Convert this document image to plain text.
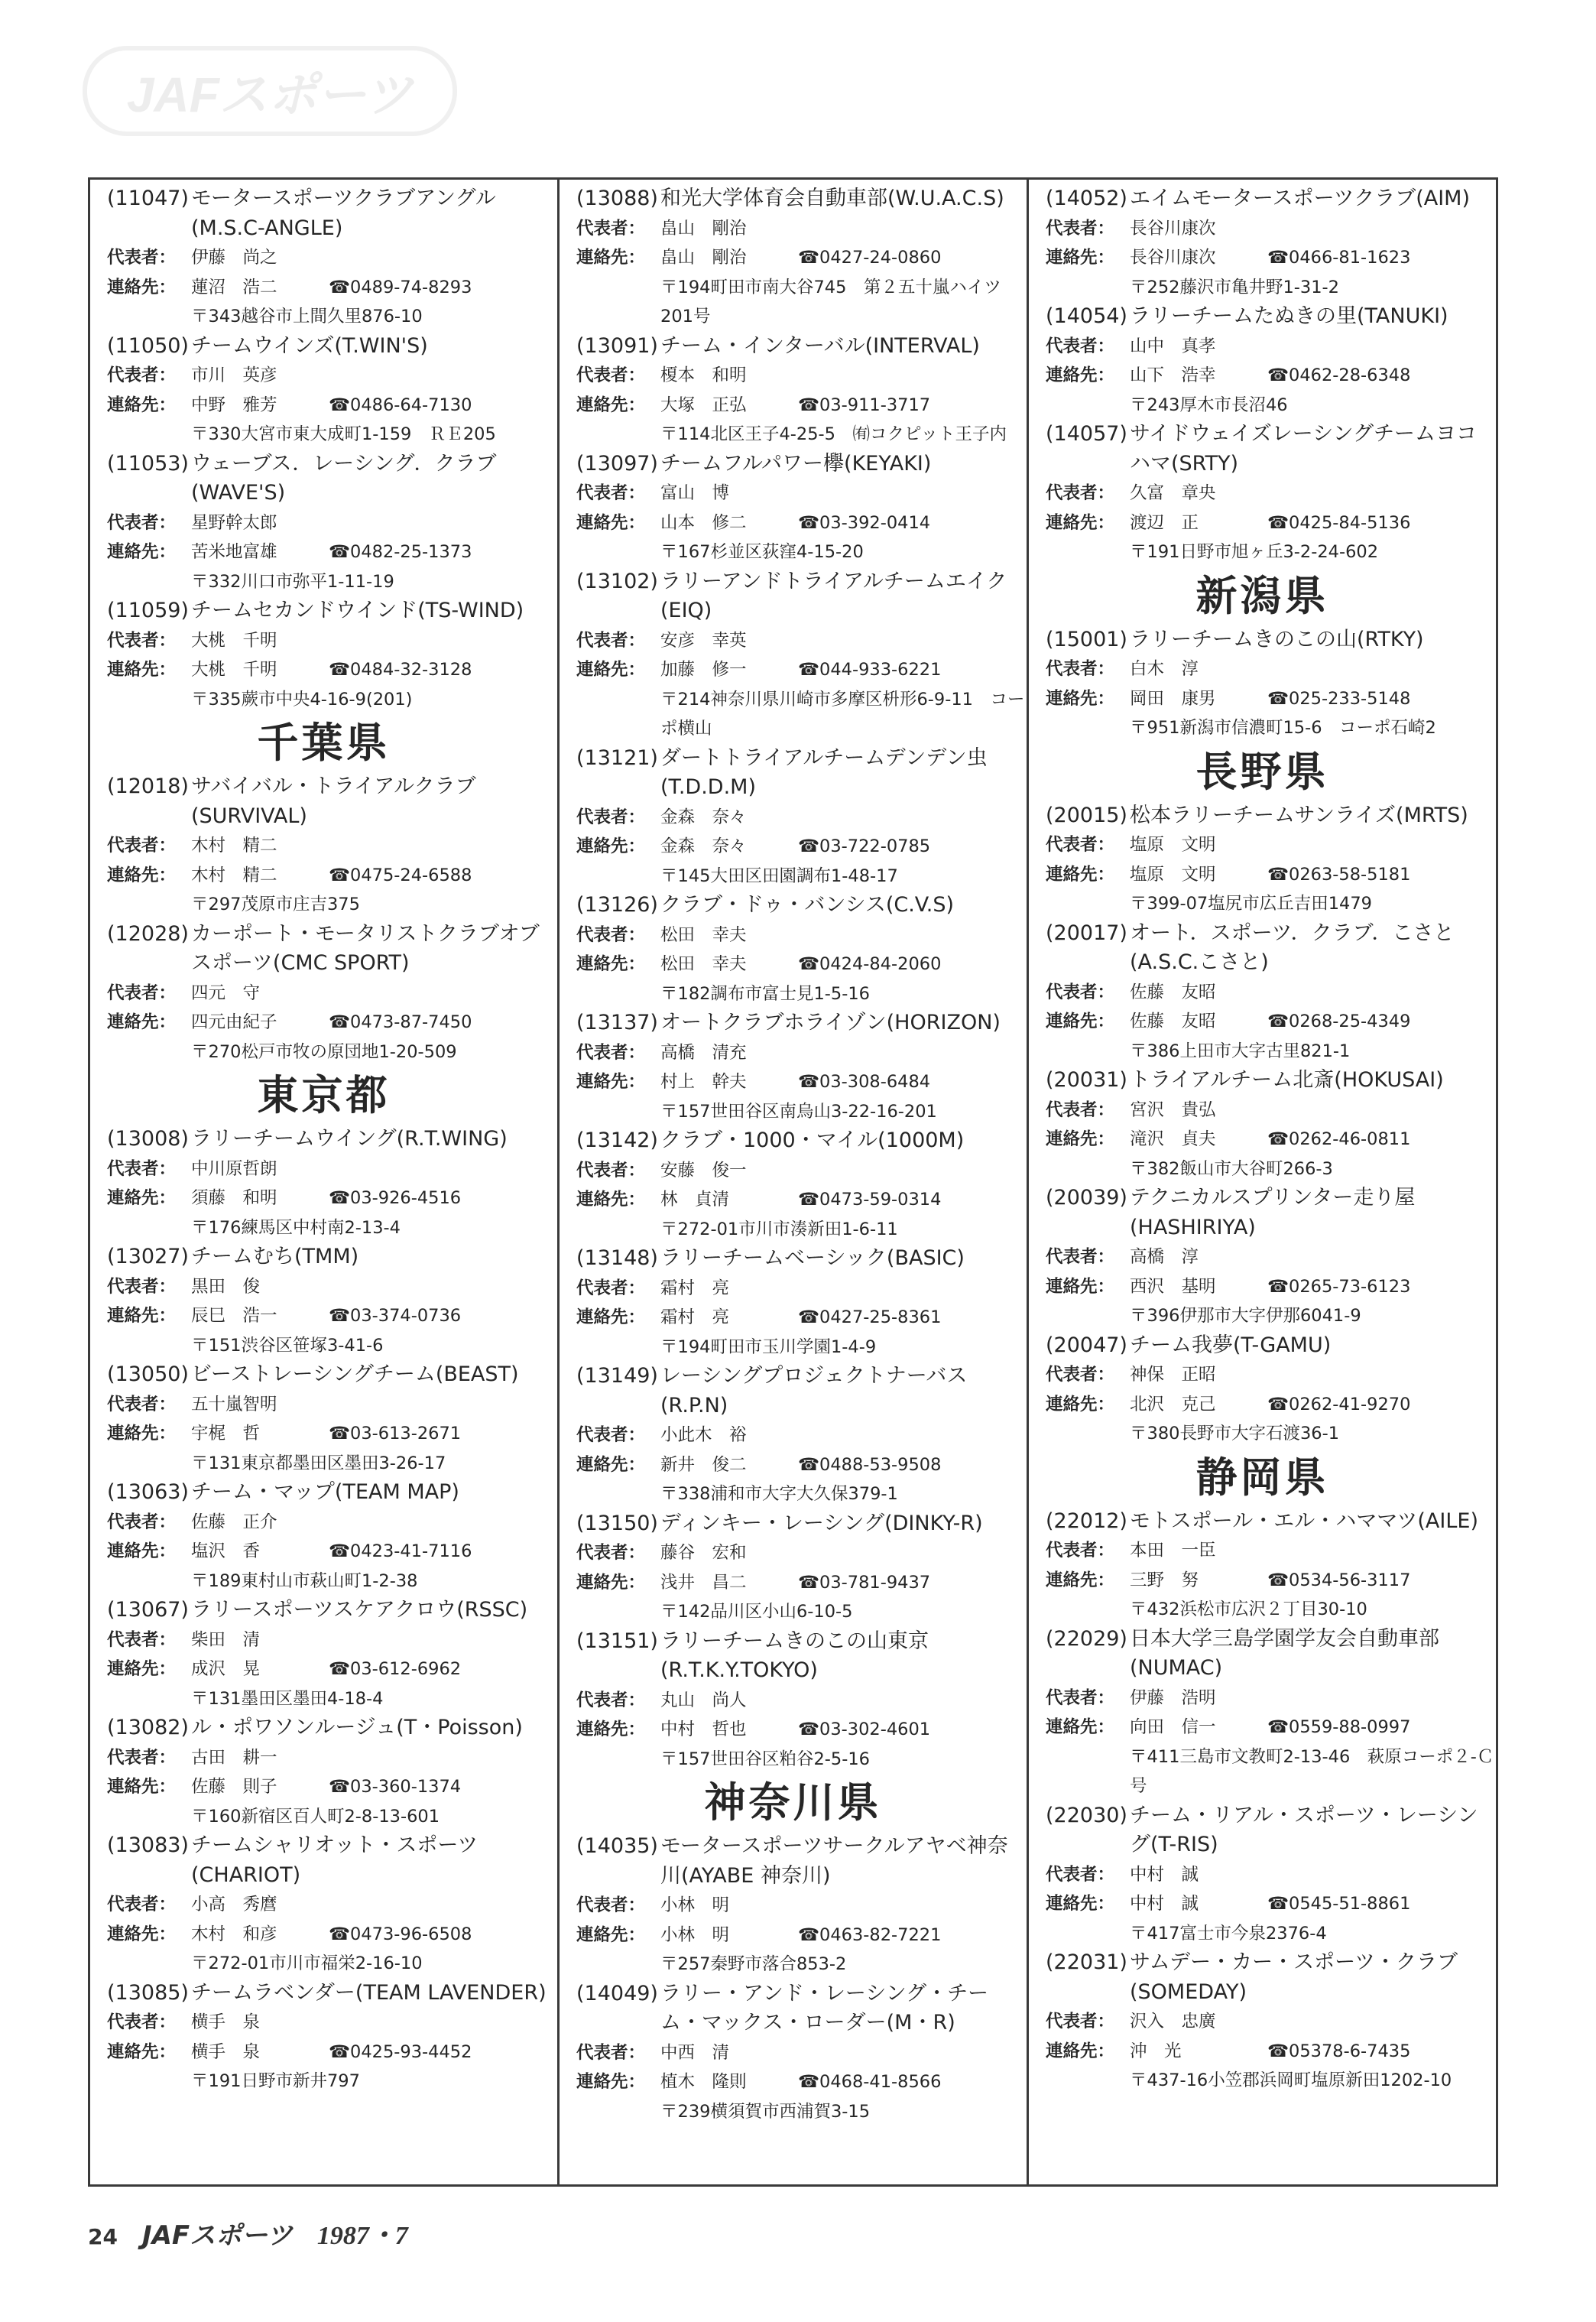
JAFスポーツ
(11047) モータースポーツクラブアングル(M.S.C-ANGLE)
代表者： 伊藤　尚之
連絡先： 蓮沼　浩二	☎0489-74-8293
〒343越谷市上間久里876-10
(11050) チームウインズ(T.WIN'S)
代表者： 市川　英彦
連絡先： 中野　雅芳	☎0486-64-7130
〒330大宮市東大成町1-159　ＲＥ205
(11053) ウェーブス．レーシング．クラブ(WAVE'S)
代表者： 星野幹太郎
連絡先： 苦米地富雄	☎0482-25-1373
〒332川口市弥平1-11-19
(11059) チームセカンドウインド(TS-WIND)
代表者： 大桃　千明
連絡先： 大桃　千明	☎0484-32-3128
〒335蕨市中央4-16-9(201)
千葉県
(12018) サバイバル・トライアルクラブ(SURVIVAL)
代表者： 木村　精二
連絡先： 木村　精二	☎0475-24-6588
〒297茂原市庄吉375
(12028) カーポート・モータリストクラブオブスポーツ(CMC SPORT)
代表者： 四元　守
連絡先： 四元由紀子	☎0473-87-7450
〒270松戸市牧の原団地1-20-509
東京都
(13008) ラリーチームウイング(R.T.WING)
代表者： 中川原哲朗
連絡先： 須藤　和明	☎03-926-4516
〒176練馬区中村南2-13-4
(13027) チームむち(TMM)
代表者： 黒田　俊
連絡先： 辰巳　浩一	☎03-374-0736
〒151渋谷区笹塚3-41-6
(13050) ビーストレーシングチーム(BEAST)
代表者： 五十嵐智明
連絡先： 宇梶　哲	☎03-613-2671
〒131東京都墨田区墨田3-26-17
(13063) チーム・マップ(TEAM MAP)
代表者： 佐藤　正介
連絡先： 塩沢　香	☎0423-41-7116
〒189東村山市萩山町1-2-38
(13067) ラリースポーツスケアクロウ(RSSC)
代表者： 柴田　清
連絡先： 成沢　晃	☎03-612-6962
〒131墨田区墨田4-18-4
(13082) ル・ポワソンルージュ(T・Poisson)
代表者： 古田　耕一
連絡先： 佐藤　則子	☎03-360-1374
〒160新宿区百人町2-8-13-601
(13083) チームシャリオット・スポーツ(CHARIOT)
代表者： 小高　秀麿
連絡先： 木村　和彦	☎0473-96-6508
〒272-01市川市福栄2-16-10
(13085) チームラベンダー(TEAM LAVENDER)
代表者： 横手　泉
連絡先： 横手　泉	☎0425-93-4452
〒191日野市新井797
(13088) 和光大学体育会自動車部(W.U.A.C.S)
代表者： 畠山　剛治
連絡先： 畠山　剛治	☎0427-24-0860
〒194町田市南大谷745　第２五十嵐ハイツ201号
(13091) チーム・インターバル(INTERVAL)
代表者： 榎本　和明
連絡先： 大塚　正弘	☎03-911-3717
〒114北区王子4-25-5　㈲コクピット王子内
(13097) チームフルパワー欅(KEYAKI)
代表者： 富山　博
連絡先： 山本　修二	☎03-392-0414
〒167杉並区荻窪4-15-20
(13102) ラリーアンドトライアルチームエイク(EIQ)
代表者： 安彦　幸英
連絡先： 加藤　修一	☎044-933-6221
〒214神奈川県川崎市多摩区枡形6-9-11　コーポ横山
(13121) ダートトライアルチームデンデン虫(T.D.D.M)
代表者： 金森　奈々
連絡先： 金森　奈々	☎03-722-0785
〒145大田区田園調布1-48-17
(13126) クラブ・ドゥ・バンシス(C.V.S)
代表者： 松田　幸夫
連絡先： 松田　幸夫	☎0424-84-2060
〒182調布市富士見1-5-16
(13137) オートクラブホライゾン(HORIZON)
代表者： 高橋　清充
連絡先： 村上　幹夫	☎03-308-6484
〒157世田谷区南烏山3-22-16-201
(13142) クラブ・1000・マイル(1000M)
代表者： 安藤　俊一
連絡先： 林　貞清	☎0473-59-0314
〒272-01市川市湊新田1-6-11
(13148) ラリーチームベーシック(BASIC)
代表者： 霜村　亮
連絡先： 霜村　亮	☎0427-25-8361
〒194町田市玉川学園1-4-9
(13149) レーシングプロジェクトナーバス(R.P.N)
代表者： 小此木　裕
連絡先： 新井　俊二	☎0488-53-9508
〒338浦和市大字大久保379-1
(13150) ディンキー・レーシング(DINKY-R)
代表者： 藤谷　宏和
連絡先： 浅井　昌二	☎03-781-9437
〒142品川区小山6-10-5
(13151) ラリーチームきのこの山東京(R.T.K.Y.TOKYO)
代表者： 丸山　尚人
連絡先： 中村　哲也	☎03-302-4601
〒157世田谷区粕谷2-5-16
神奈川県
(14035) モータースポーツサークルアヤベ神奈川(AYABE 神奈川)
代表者： 小林　明
連絡先： 小林　明	☎0463-82-7221
〒257秦野市落合853-2
(14049) ラリー・アンド・レーシング・チーム・マックス・ローダー(M・R)
代表者： 中西　清
連絡先： 植木　隆則	☎0468-41-8566
〒239横須賀市西浦賀3-15
(14052) エイムモータースポーツクラブ(AIM)
代表者： 長谷川康次
連絡先： 長谷川康次	☎0466-81-1623
〒252藤沢市亀井野1-31-2
(14054) ラリーチームたぬきの里(TANUKI)
代表者： 山中　真孝
連絡先： 山下　浩幸	☎0462-28-6348
〒243厚木市長沼46
(14057) サイドウェイズレーシングチームヨコハマ(SRTY)
代表者： 久富　章央
連絡先： 渡辺　正	☎0425-84-5136
〒191日野市旭ヶ丘3-2-24-602
新潟県
(15001) ラリーチームきのこの山(RTKY)
代表者： 白木　淳
連絡先： 岡田　康男	☎025-233-5148
〒951新潟市信濃町15-6　コーポ石崎2
長野県
(20015) 松本ラリーチームサンライズ(MRTS)
代表者： 塩原　文明
連絡先： 塩原　文明	☎0263-58-5181
〒399-07塩尻市広丘吉田1479
(20017) オート．スポーツ．クラブ．こさと(A.S.C.こさと)
代表者： 佐藤　友昭
連絡先： 佐藤　友昭	☎0268-25-4349
〒386上田市大字古里821-1
(20031) トライアルチーム北斎(HOKUSAI)
代表者： 宮沢　貴弘
連絡先： 滝沢　貞夫	☎0262-46-0811
〒382飯山市大谷町266-3
(20039) テクニカルスプリンター走り屋(HASHIRIYA)
代表者： 高橋　淳
連絡先： 西沢　基明	☎0265-73-6123
〒396伊那市大字伊那6041-9
(20047) チーム我夢(T-GAMU)
代表者： 神保　正昭
連絡先： 北沢　克己	☎0262-41-9270
〒380長野市大字石渡36-1
静岡県
(22012) モトスポール・エル・ハママツ(AILE)
代表者： 本田　一臣
連絡先： 三野　努	☎0534-56-3117
〒432浜松市広沢２丁目30-10
(22029) 日本大学三島学園学友会自動車部(NUMAC)
代表者： 伊藤　浩明
連絡先： 向田　信一	☎0559-88-0997
〒411三島市文教町2-13-46　萩原コーポ２-Ｃ号
(22030) チーム・リアル・スポーツ・レーシング(T-RIS)
代表者： 中村　誠
連絡先： 中村　誠	☎0545-51-8861
〒417富士市今泉2376-4
(22031) サムデー・カー・スポーツ・クラブ(SOMEDAY)
代表者： 沢入　忠廣
連絡先： 沖　光	☎05378-6-7435
〒437-16小笠郡浜岡町塩原新田1202-10
24 JAFスポーツ 1987・7
